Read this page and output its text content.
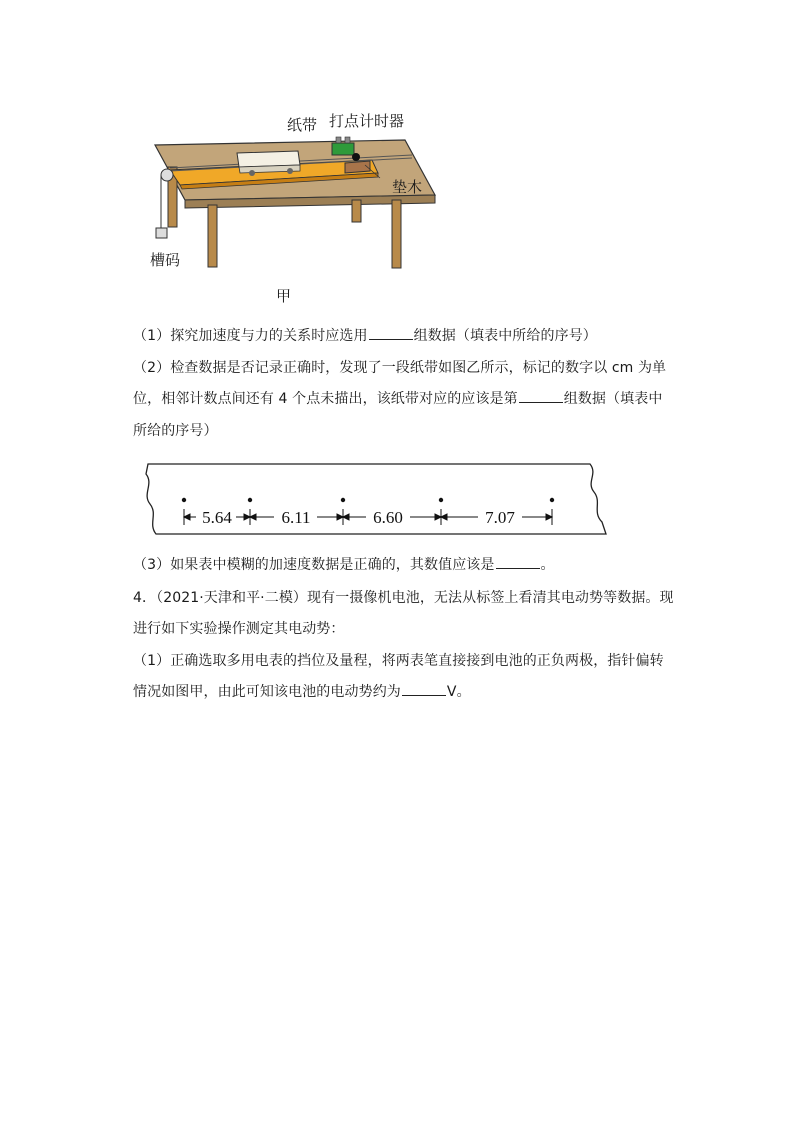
纸带 打点计时器
垫木
槽码
甲
（1）探究加速度与力的关系时应选用	组数据（填表中所给的序号）
（2）检查数据是否记录正确时，发现了一段纸带如图乙所示，标记的数字以 cm 为单
位，相邻计数点间还有 4 个点未描出，该纸带对应的应该是第	组数据（填表中
所给的序号）
5.64	6.11	6.60	7.07
（3）如果表中模糊的加速度数据是正确的，其数值应该是	。
4．（2021·天津和平·二模）现有一摄像机电池，无法从标签上看清其电动势等数据。现
进行如下实验操作测定其电动势：
（1）正确选取多用电表的挡位及量程，将两表笔直接接到电池的正负两极，指针偏转
情况如图甲，由此可知该电池的电动势约为	V。
